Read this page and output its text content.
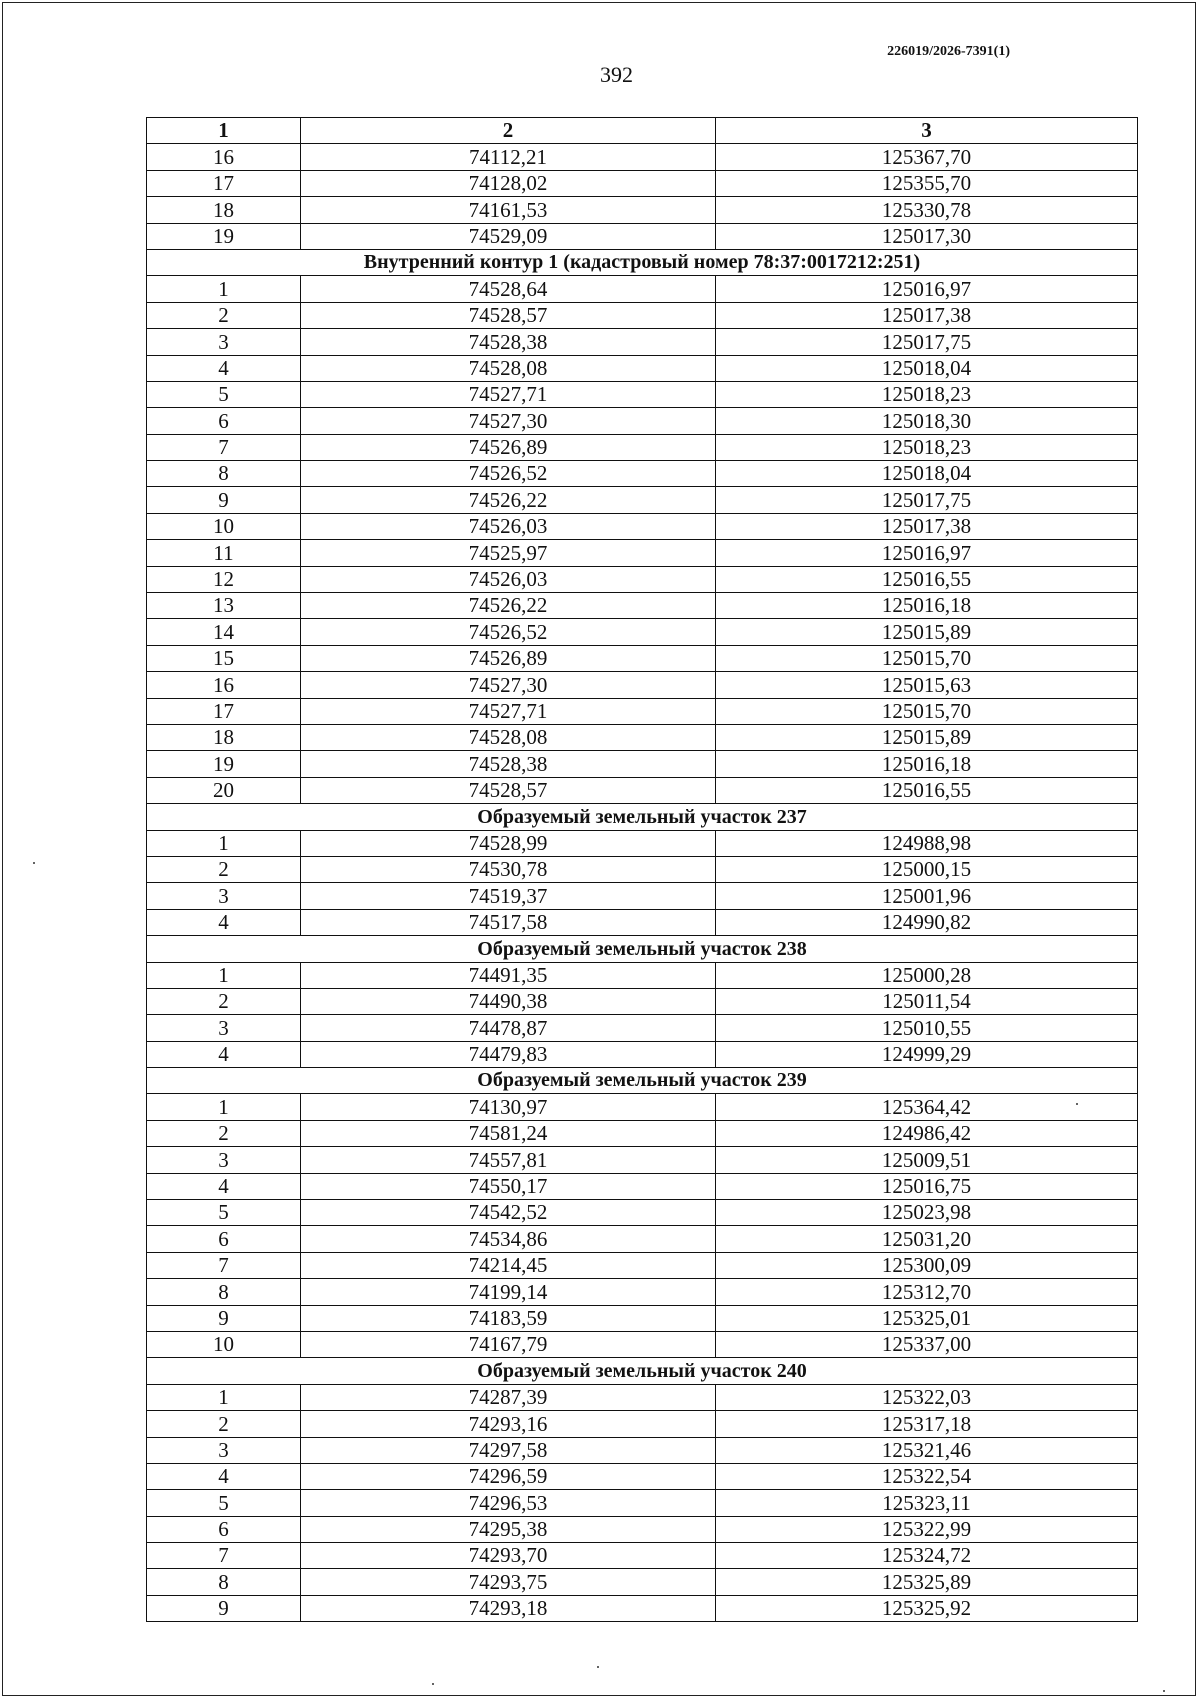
226019/2026-7391(1)
392
1	2	3
16	74112,21	125367,70
17	74128,02	125355,70
18	74161,53	125330,78
19	74529,09	125017,30
Внутренний контур 1 (кадастровый номер 78:37:0017212:251)		
1	74528,64	125016,97
2	74528,57	125017,38
3	74528,38	125017,75
4	74528,08	125018,04
5	74527,71	125018,23
6	74527,30	125018,30
7	74526,89	125018,23
8	74526,52	125018,04
9	74526,22	125017,75
10	74526,03	125017,38
11	74525,97	125016,97
12	74526,03	125016,55
13	74526,22	125016,18
14	74526,52	125015,89
15	74526,89	125015,70
16	74527,30	125015,63
17	74527,71	125015,70
18	74528,08	125015,89
19	74528,38	125016,18
20	74528,57	125016,55
Образуемый земельный участок 237		
1	74528,99	124988,98
2	74530,78	125000,15
3	74519,37	125001,96
4	74517,58	124990,82
Образуемый земельный участок 238		
1	74491,35	125000,28
2	74490,38	125011,54
3	74478,87	125010,55
4	74479,83	124999,29
Образуемый земельный участок 239		
1	74130,97	125364,42
2	74581,24	124986,42
3	74557,81	125009,51
4	74550,17	125016,75
5	74542,52	125023,98
6	74534,86	125031,20
7	74214,45	125300,09
8	74199,14	125312,70
9	74183,59	125325,01
10	74167,79	125337,00
Образуемый земельный участок 240		
1	74287,39	125322,03
2	74293,16	125317,18
3	74297,58	125321,46
4	74296,59	125322,54
5	74296,53	125323,11
6	74295,38	125322,99
7	74293,70	125324,72
8	74293,75	125325,89
9	74293,18	125325,92
